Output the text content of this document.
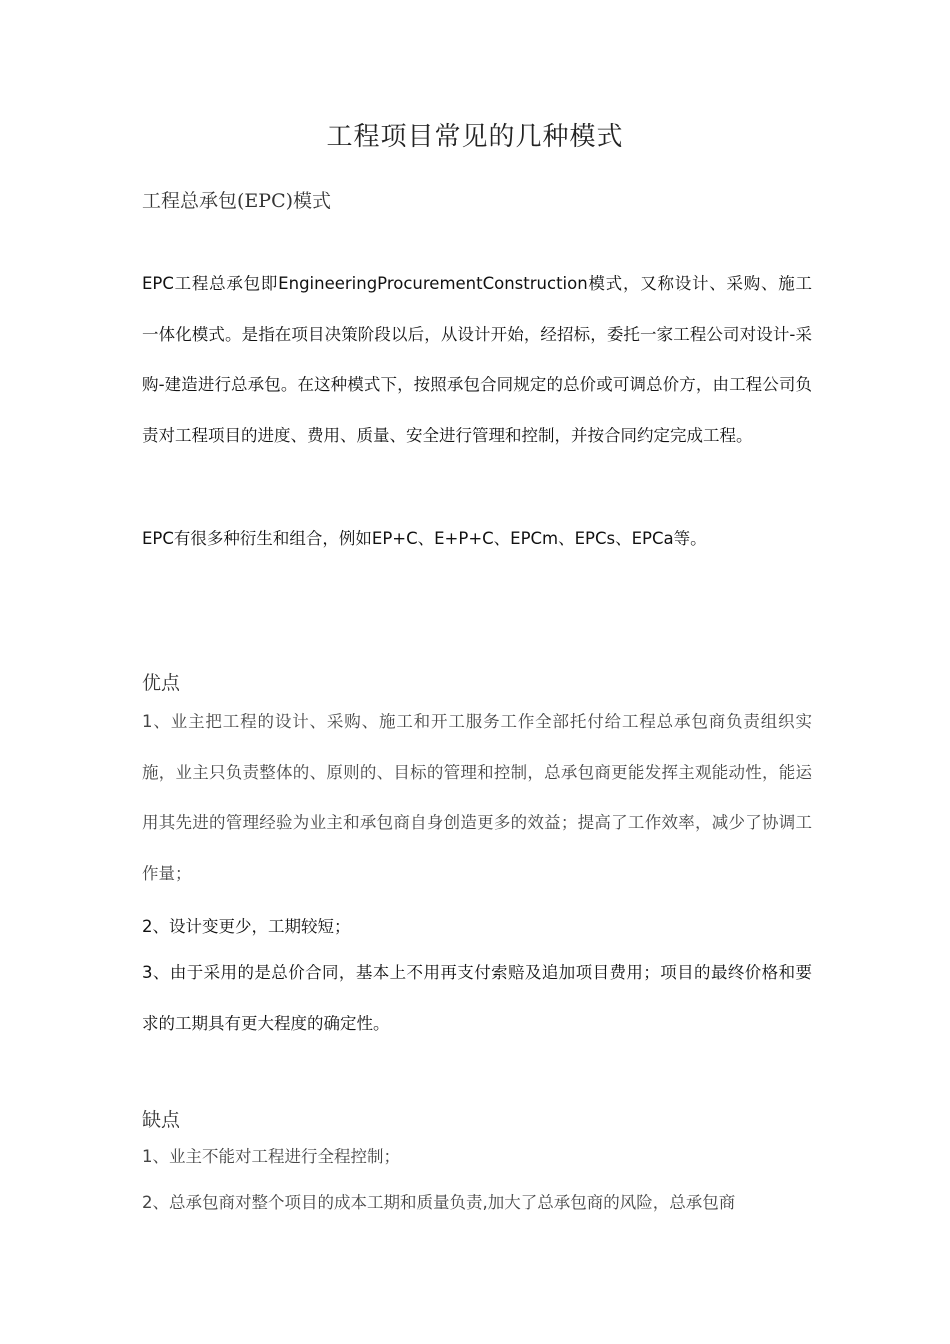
工程项目常见的几种模式
工程总承包(EPC)模式

EPC工程总承包即EngineeringProcurementConstruction模式，又称设计、采购、施工一体化模式。是指在项目决策阶段以后，从设计开始，经招标，委托一家工程公司对设计-采购-建造进行总承包。在这种模式下，按照承包合同规定的总价或可调总价方，由工程公司负责对工程项目的进度、费用、质量、安全进行管理和控制，并按合同约定完成工程。

EPC有很多种衍生和组合，例如EP+C、E+P+C、EPCm、EPCs、EPCa等。
优点

1、业主把工程的设计、采购、施工和开工服务工作全部托付给工程总承包商负责组织实施，业主只负责整体的、原则的、目标的管理和控制，总承包商更能发挥主观能动性，能运用其先进的管理经验为业主和承包商自身创造更多的效益；提高了工作效率，减少了协调工作量；

2、设计变更少，工期较短；

3、由于采用的是总价合同，基本上不用再支付索赔及追加项目费用；项目的最终价格和要求的工期具有更大程度的确定性。

缺点
1、业主不能对工程进行全程控制；
2、总承包商对整个项目的成本工期和质量负责,加大了总承包商的风险，总承包商
